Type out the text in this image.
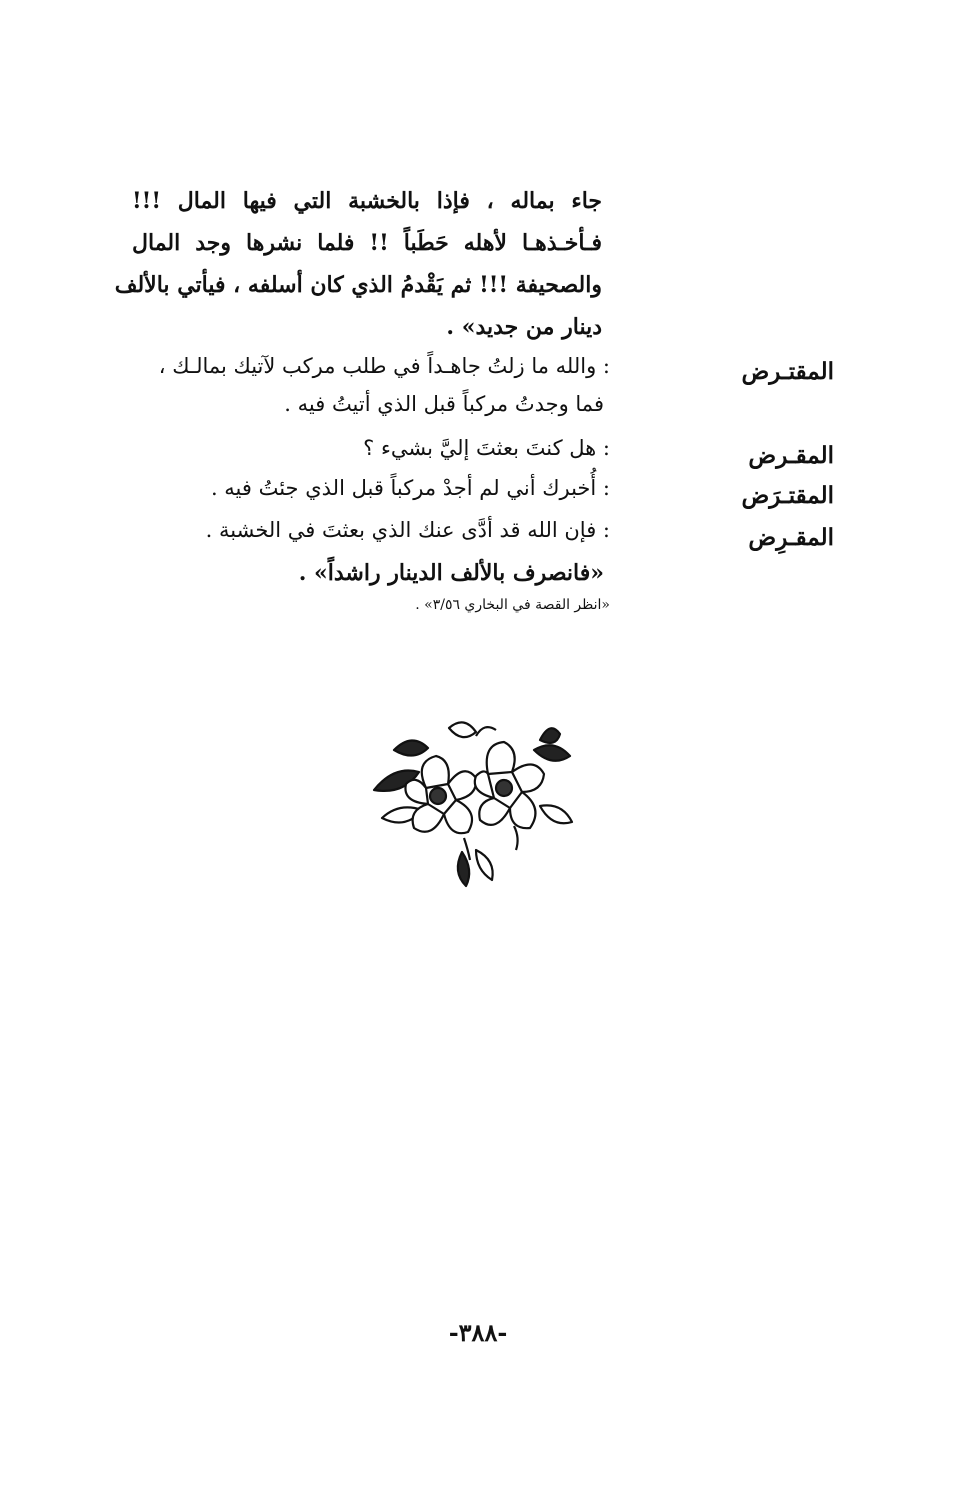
جاء بماله ، فإذا بالخشبة التي فيها المال !!!
فـأخـذهـا لأهله حَطَباً !! فلما نشرها وجد المال
والصحيفة !!! ثم يَقْدمُ الذي كان أسلفه ، فيأتي بالألف
دينار من جديد» .
المقتـرض
: والله ما زلتُ جاهـداً في طلب مركب لآتيك بمالـك ،
فما وجدتُ مركباً قبل الذي أتيتُ فيه .
المقـرض
: هل كنتَ بعثتَ إليَّ بشيء ؟
المقتـرَض
: أُخبرك أني لم أجدْ مركباً قبل الذي جئتُ فيه .
المقـرِض
: فإن الله قد أدَّى عنك الذي بعثتَ في الخشبة .
«فانصرف بالألف الدينار راشداً» .
«انظر القصة في البخاري ٣/٥٦» .
-٣٨٨-
